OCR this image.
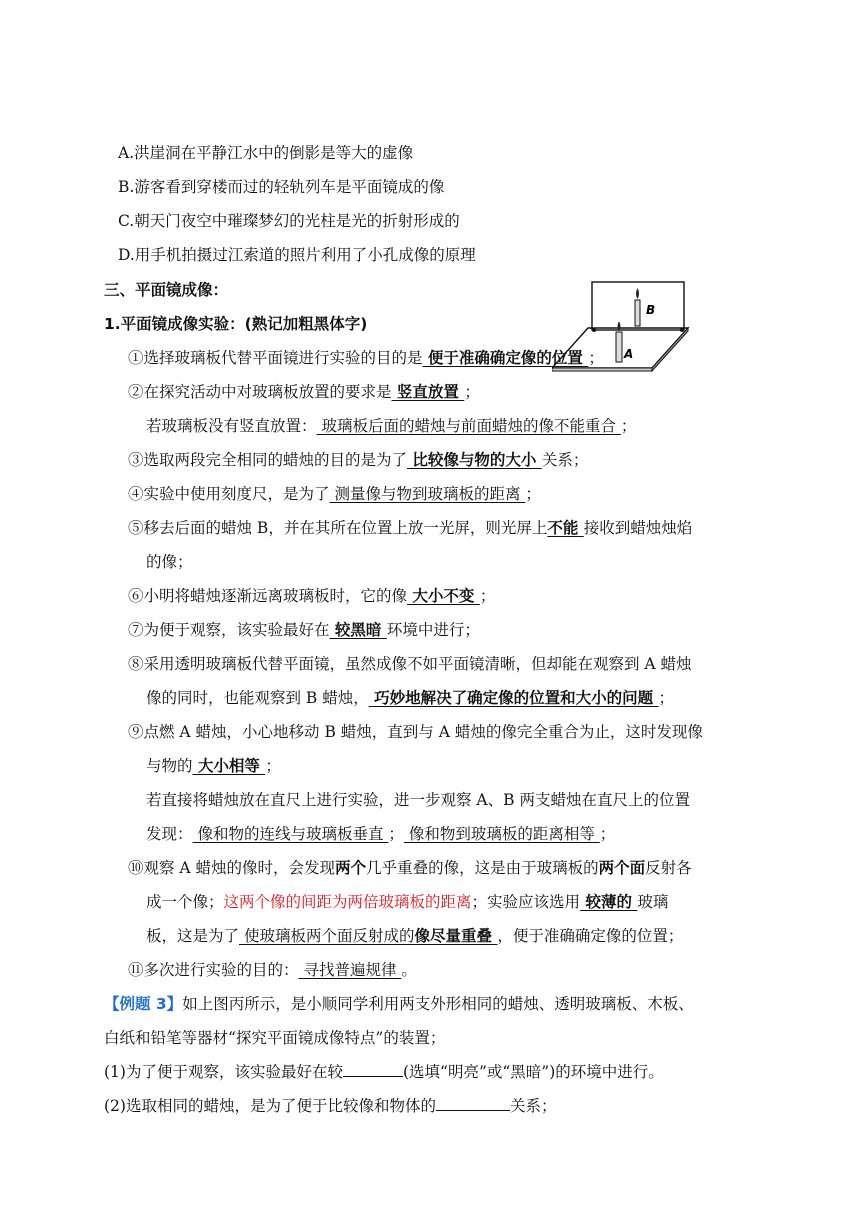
A.洪崖洞在平静江水中的倒影是等大的虚像
B.游客看到穿楼而过的轻轨列车是平面镜成的像
C.朝天门夜空中璀璨梦幻的光柱是光的折射形成的
D.用手机拍摄过江索道的照片利用了小孔成像的原理
三、平面镜成像：
1.平面镜成像实验：(熟记加粗黑体字)
B
A
①选择玻璃板代替平面镜进行实验的目的是 便于准确确定像的位置 ；
②在探究活动中对玻璃板放置的要求是 竖直放置 ；
若玻璃板没有竖直放置： 玻璃板后面的蜡烛与前面蜡烛的像不能重合 ；
③选取两段完全相同的蜡烛的目的是为了 比较像与物的大小 关系；
④实验中使用刻度尺，是为了 测量像与物到玻璃板的距离 ；
⑤移去后面的蜡烛 B，并在其所在位置上放一光屏，则光屏上不能 接收到蜡烛烛焰
的像；
⑥小明将蜡烛逐渐远离玻璃板时，它的像 大小不变 ；
⑦为便于观察，该实验最好在 较黑暗 环境中进行；
⑧采用透明玻璃板代替平面镜，虽然成像不如平面镜清晰，但却能在观察到 A 蜡烛
像的同时，也能观察到 B 蜡烛， 巧妙地解决了确定像的位置和大小的问题 ；
⑨点燃 A 蜡烛，小心地移动 B 蜡烛，直到与 A 蜡烛的像完全重合为止，这时发现像
与物的 大小相等 ；
若直接将蜡烛放在直尺上进行实验，进一步观察 A、B 两支蜡烛在直尺上的位置
发现： 像和物的连线与玻璃板垂直 ； 像和物到玻璃板的距离相等 ；
⑩观察 A 蜡烛的像时，会发现两个几乎重叠的像，这是由于玻璃板的两个面反射各
成一个像；这两个像的间距为两倍玻璃板的距离；实验应该选用 较薄的 玻璃
板，这是为了 使玻璃板两个面反射成的像尽量重叠 ，便于准确确定像的位置；
⑪多次进行实验的目的： 寻找普遍规律 。
【例题 3】如上图丙所示，是小顺同学利用两支外形相同的蜡烛、透明玻璃板、木板、
白纸和铅笔等器材“探究平面镜成像特点”的装置；
(1)为了便于观察，该实验最好在较	(选填“明亮”或“黑暗”)的环境中进行。
(2)选取相同的蜡烛，是为了便于比较像和物体的	关系；
